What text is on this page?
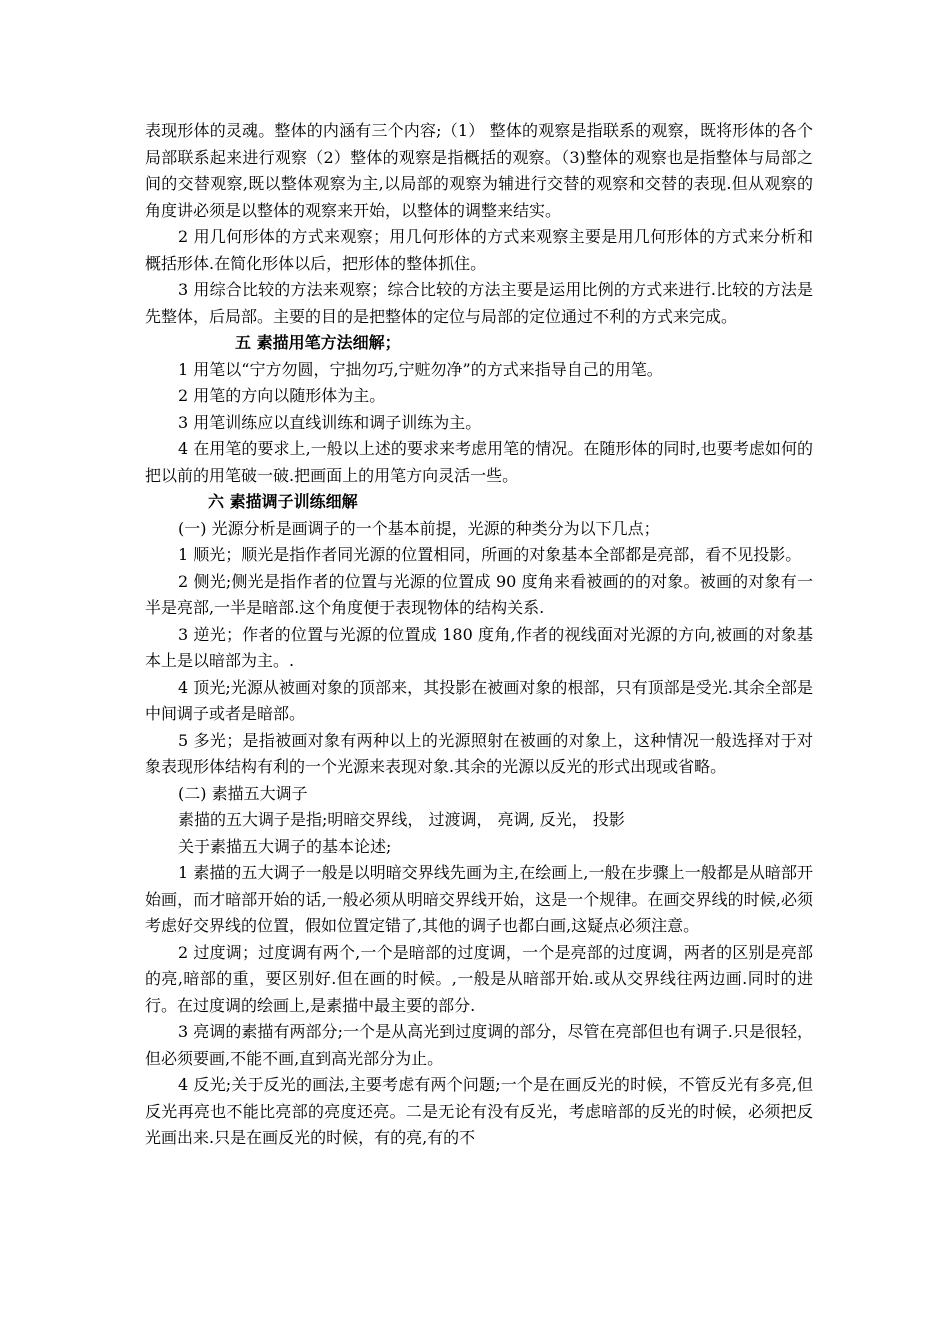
表现形体的灵魂。整体的内涵有三个内容;（1） 整体的观察是指联系的观察，既将形体的各个局部联系起来进行观察（2）整体的观察是指概括的观察。（3)整体的观察也是指整体与局部之间的交替观察,既以整体观察为主,以局部的观察为辅进行交替的观察和交替的表现.但从观察的角度讲必须是以整体的观察来开始，以整体的调整来结实。

2 用几何形体的方式来观察；用几何形体的方式来观察主要是用几何形体的方式来分析和概括形体.在简化形体以后，把形体的整体抓住。

3 用综合比较的方法来观察；综合比较的方法主要是运用比例的方式来进行.比较的方法是先整体，后局部。主要的目的是把整体的定位与局部的定位通过不利的方式来完成。

五 素描用笔方法细解；

1 用笔以“宁方勿圆，宁拙勿巧,宁赃勿净”的方式来指导自己的用笔。

2 用笔的方向以随形体为主。

3 用笔训练应以直线训练和调子训练为主。

4 在用笔的要求上,一般以上述的要求来考虑用笔的情况。在随形体的同时,也要考虑如何的把以前的用笔破一破.把画面上的用笔方向灵活一些。

六 素描调子训练细解

(一) 光源分析是画调子的一个基本前提，光源的种类分为以下几点；

1 顺光；顺光是指作者同光源的位置相同，所画的对象基本全部都是亮部，看不见投影。

2 侧光;侧光是指作者的位置与光源的位置成 90 度角来看被画的的对象。被画的对象有一半是亮部,一半是暗部.这个角度便于表现物体的结构关系.

3 逆光；作者的位置与光源的位置成 180 度角,作者的视线面对光源的方向,被画的对象基本上是以暗部为主。.

4 顶光;光源从被画对象的顶部来，其投影在被画对象的根部，只有顶部是受光.其余全部是中间调子或者是暗部。

5 多光；是指被画对象有两种以上的光源照射在被画的对象上，这种情况一般选择对于对象表现形体结构有利的一个光源来表现对象.其余的光源以反光的形式出现或省略。

(二) 素描五大调子

素描的五大调子是指;明暗交界线， 过渡调， 亮调, 反光， 投影

关于素描五大调子的基本论述;

1 素描的五大调子一般是以明暗交界线先画为主,在绘画上,一般在步骤上一般都是从暗部开始画，而才暗部开始的话,一般必须从明暗交界线开始，这是一个规律。在画交界线的时候,必须考虑好交界线的位置，假如位置定错了,其他的调子也都白画,这疑点必须注意。

2 过度调；过度调有两个,一个是暗部的过度调，一个是亮部的过度调，两者的区别是亮部的亮,暗部的重，要区别好.但在画的时候。,一般是从暗部开始.或从交界线往两边画.同时的进行。在过度调的绘画上,是素描中最主要的部分.

3 亮调的素描有两部分;一个是从高光到过度调的部分，尽管在亮部但也有调子.只是很轻，但必须要画,不能不画,直到高光部分为止。

4 反光;关于反光的画法,主要考虑有两个问题;一个是在画反光的时候，不管反光有多亮,但反光再亮也不能比亮部的亮度还亮。二是无论有没有反光，考虑暗部的反光的时候，必须把反光画出来.只是在画反光的时候，有的亮,有的不
